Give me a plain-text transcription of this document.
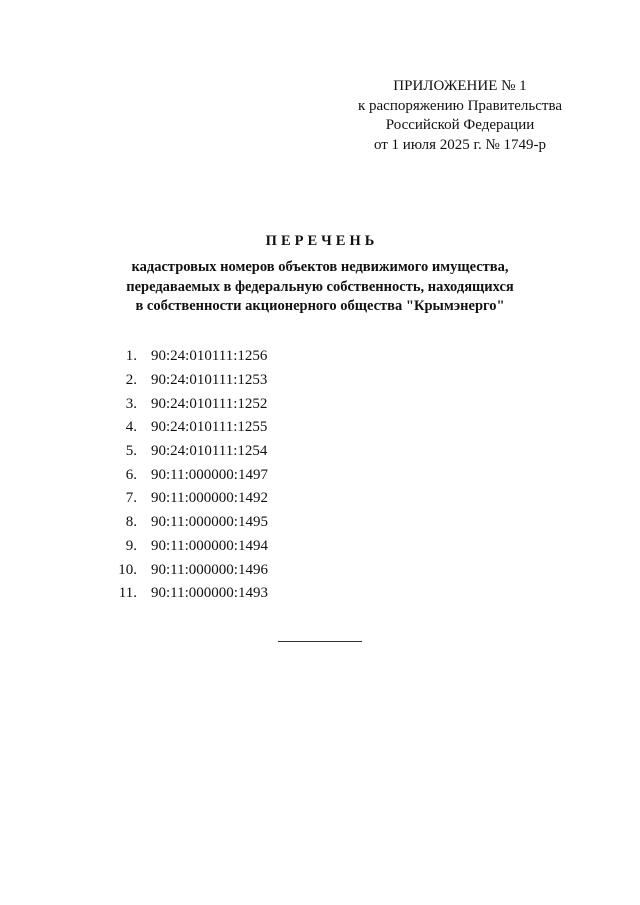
ПРИЛОЖЕНИЕ № 1
к распоряжению Правительства
Российской Федерации
от 1 июля 2025 г. № 1749-р
ПЕРЕЧЕНЬ
кадастровых номеров объектов недвижимого имущества,
передаваемых в федеральную собственность, находящихся
в собственности акционерного общества "Крымэнерго"
1. 90:24:010111:1256
2. 90:24:010111:1253
3. 90:24:010111:1252
4. 90:24:010111:1255
5. 90:24:010111:1254
6. 90:11:000000:1497
7. 90:11:000000:1492
8. 90:11:000000:1495
9. 90:11:000000:1494
10. 90:11:000000:1496
11. 90:11:000000:1493
